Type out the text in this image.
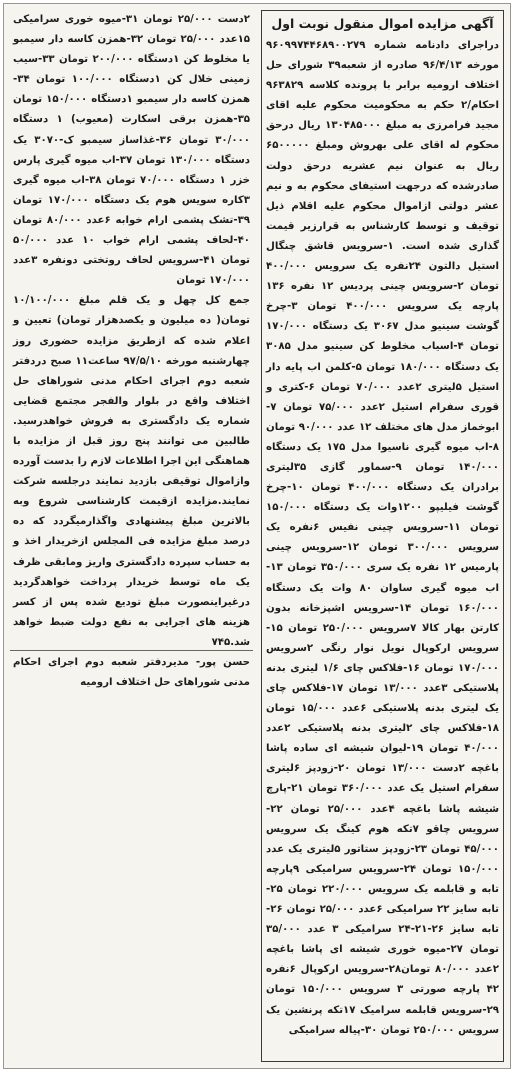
آگهی مزایده اموال منقول نوبت اول

دراجرای دادنامه شماره ۹۶۰۹۹۷۴۴۶۸۹۰۰۲۷۹ مورخه ۹۶/۴/۱۳ صادره از شعبه۳۹ شورای حل اختلاف ارومیه برابر با پرونده کلاسه ۹۶۳۸۲۹ احکام/۲ حکم به محکومیت محکوم علیه اقای مجید فرامرزی به مبلغ ۱۳۰۴۸۵۰۰۰ ریال درحق محکوم له اقای علی بهروش ومبلغ ۶۵۰۰۰۰۰ ریال به عنوان نیم عشریه درحق دولت صادرشده که درجهت استیفای محکوم به و نیم عشر دولتی ازاموال محکوم علیه اقلام ذیل توقیف و توسط کارشناس به قرارزیر قیمت گذاری شده است. ۱-سرویس قاشق چنگال استیل دالتون ۲۴نفره یک سرویس ۴۰۰/۰۰۰ تومان ۲-سرویس چینی پردیس ۱۲ نفره ۱۳۶ پارچه یک سرویس ۴۰۰/۰۰۰ تومان ۳-چرخ گوشت سینیو مدل ۳۰۶۷ یک دستگاه ۱۷۰/۰۰۰ تومان ۴-اسیاب مخلوط کن سینیو مدل ۳۰۸۵ یک دستگاه ۱۸۰/۰۰۰ تومان ۵-کلمن اب پایه دار استیل ۵لیتری ۲عدد ۷۰/۰۰۰ تومان ۶-کتری و قوری سفرام استیل ۲عدد ۷۵/۰۰۰ تومان ۷-ابوخماز مدل های مختلف ۱۲ عدد ۹۰/۰۰۰ تومان ۸-اب میوه گیری ناسیوا مدل ۱۷۵ یک دستگاه ۱۴۰/۰۰۰ تومان ۹-سماور گازی ۳۵لیتری برادران یک دستگاه ۴۰۰/۰۰۰ تومان ۱۰-چرخ گوشت فیلیپو ۱۲۰۰وات یک دستگاه ۱۵۰/۰۰۰ تومان ۱۱-سرویس چینی نفیس ۶نفره یک سرویس ۳۰۰/۰۰۰ تومان ۱۲-سرویس چینی پارمیس ۱۲ نفره یک سری ۳۵۰/۰۰۰ تومان ۱۳-اب میوه گیری ساوان ۸۰ وات یک دستگاه ۱۶۰/۰۰۰ تومان ۱۴-سرویس اشپزخانه بدون کارتن بهار کالا ۷سرویس ۲۵۰/۰۰۰ تومان ۱۵-سرویس ارکوپال نویل نوار رنگی ۲سرویس ۱۷۰/۰۰۰ تومان ۱۶-فلاکس چای ۱/۶ لیتری بدنه پلاستیکی ۳عدد ۱۳/۰۰۰ تومان ۱۷-فلاکس چای یک لیتری بدنه پلاستیکی ۶عدد ۱۵/۰۰۰ تومان ۱۸-فلاکس چای ۲لیتری بدنه پلاستیکی ۲عدد ۴۰/۰۰۰ تومان ۱۹-لیوان شیشه ای ساده پاشا باغچه ۲دست ۱۳/۰۰۰ تومان ۲۰-زودپز ۶لیتری سفرام استیل یک عدد ۳۶۰/۰۰۰ تومان ۲۱-پارچ شیشه پاشا باغچه ۴عدد ۲۵/۰۰۰ تومان ۲۲-سرویس چاقو ۷تکه هوم کینگ یک سرویس ۴۵/۰۰۰ تومان ۲۳-زودپز ستاتور ۵لیتری یک عدد ۱۵۰/۰۰۰ تومان ۲۴-سرویس سرامیکی ۹پارچه تابه و قابلمه یک سرویس ۲۲۰/۰۰۰ تومان ۲۵-تابه سایز ۲۲ سرامیکی ۶عدد ۲۵/۰۰۰ تومان ۲۶-تابه سایز ۲۶-۲۱-۲۴ سرامیکی ۳ عدد ۳۵/۰۰۰ تومان ۲۷-میوه خوری شیشه ای پاشا باغچه ۲عدد ۸۰/۰۰۰ تومان۲۸-سرویس ارکوپال ۶نفره ۴۲ پارچه صورتی ۳ سرویس ۱۵۰/۰۰۰ تومان ۲۹-سرویس قابلمه سرامیک ۱۷تکه پرنشین یک سرویس ۲۵۰/۰۰۰ تومان ۳۰-پیاله سرامیکی

۲دست ۲۵/۰۰۰ تومان ۳۱-میوه خوری سرامیکی ۱۵عدد ۲۵/۰۰۰ تومان ۳۲-همزن کاسه دار سیمبو یا مخلوط کن ۱دستگاه ۲۰۰/۰۰۰ تومان ۳۳-سیب زمینی خلال کن ۱دستگاه ۱۰۰/۰۰۰ تومان ۳۴-همزن کاسه دار سیمبو ۱دستگاه ۱۵۰/۰۰۰ تومان ۳۵-همزن برقی اسکارت (معیوب) ۱ دستگاه ۳۰/۰۰۰ تومان ۳۶-غذاساز سیمبو ک-۳۰۷۰ یک دستگاه ۱۳۰/۰۰۰ تومان ۳۷-اب میوه گیری پارس خزر ۱ دستگاه ۷۰/۰۰۰ تومان ۳۸-اب میوه گیری ۳کاره سویس هوم یک دستگاه ۱۷۰/۰۰۰ تومان ۳۹-تشک پشمی ارام خوابه ۶عدد ۸۰/۰۰۰ تومان ۴۰-لحاف پشمی ارام خواب ۱۰ عدد ۵۰/۰۰۰ تومان ۴۱-سرویس لحاف روتختی دونفره ۳عدد ۱۷۰/۰۰۰ تومان

جمع کل چهل و یک قلم مبلغ ۱۰/۱۰۰/۰۰۰ تومان( ده میلیون و یکصدهزار تومان) تعیین و اعلام شده که ازطریق مزایده حضوری روز چهارشنبه مورخه ۹۷/۵/۱۰ ساعت۱۱ صبح دردفتر شعبه دوم اجرای احکام مدنی شوراهای حل اختلاف واقع در بلوار والفجر مجتمع قضایی شماره یک دادگستری به فروش خواهدرسید. طالبین می توانند پنج روز قبل از مزایده با هماهنگی این اجرا اطلاعات لازم را بدست آورده وازاموال توقیفی بازدید نمایند درجلسه شرکت نمایند.مزایده ازقیمت کارشناسی شروع وبه بالاترین مبلغ پیشنهادی واگذارمیگردد که ده درصد مبلغ مزایده فی المجلس ازخریدار اخذ و به حساب سپرده دادگستری واریز ومابقی ظرف یک ماه توسط خریدار پرداخت خواهدگردید درغیراینصورت مبلغ تودیع شده پس از کسر هزینه های اجرایی به نفع دولت ضبط خواهد شد.۷۴۵

حسن پور- مدیردفتر شعبه دوم اجرای احکام مدنی شوراهای حل اختلاف ارومیه
